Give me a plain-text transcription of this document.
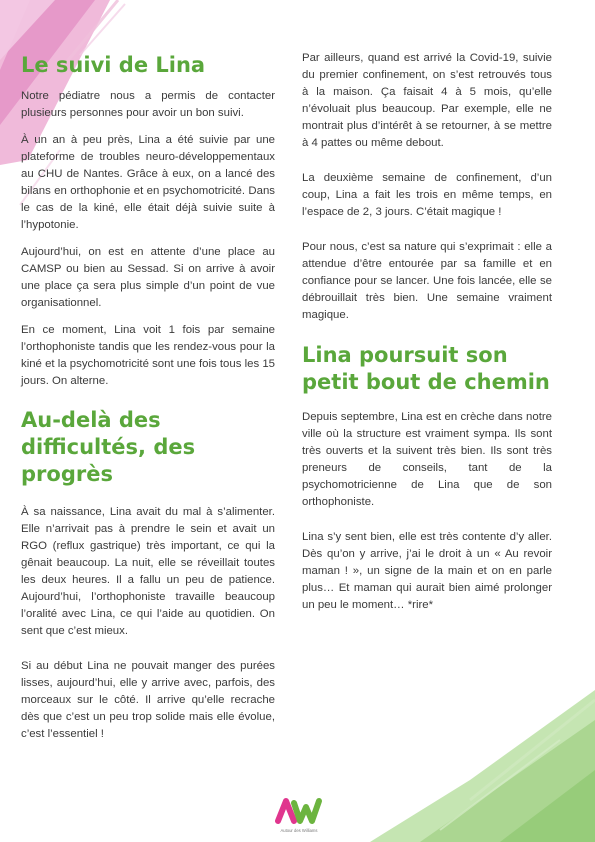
Le suivi de Lina

Notre pédiatre nous a permis de contacter plusieurs personnes pour avoir un bon suivi.

À un an à peu près, Lina a été suivie par une plateforme de troubles neuro-développementaux au CHU de Nantes. Grâce à eux, on a lancé des bilans en orthophonie et en psychomotricité. Dans le cas de la kiné, elle était déjà suivie suite à l’hypotonie.

Aujourd’hui, on est en attente d’une place au CAMSP ou bien au Sessad. Si on arrive à avoir une place ça sera plus simple d’un point de vue organisationnel.

En ce moment, Lina voit 1 fois par semaine l’orthophoniste tandis que les rendez-vous pour la kiné et la psychomotricité sont une fois tous les 15 jours. On alterne.

Au-delà des difficultés, des progrès

À sa naissance, Lina avait du mal à s’alimenter. Elle n’arrivait pas à prendre le sein et avait un RGO (reflux gastrique) très important, ce qui la gênait beaucoup. La nuit, elle se réveillait toutes les deux heures. Il a fallu un peu de patience. Aujourd’hui, l’orthophoniste travaille beaucoup l’oralité avec Lina, ce qui l’aide au quotidien. On sent que c’est mieux.

Si au début Lina ne pouvait manger des purées lisses, aujourd’hui, elle y arrive avec, parfois, des morceaux sur le côté. Il arrive qu’elle recrache dès que c’est un peu trop solide mais elle évolue, c’est l’essentiel !

Par ailleurs, quand est arrivé la Covid-19, suivie du premier confinement, on s’est retrouvés tous à la maison. Ça faisait 4 à 5 mois, qu’elle n’évoluait plus beaucoup. Par exemple, elle ne montrait plus d’intérêt à se retourner, à se mettre à 4 pattes ou même debout.

La deuxième semaine de confinement, d’un coup, Lina a fait les trois en même temps, en l’espace de 2, 3 jours. C’était magique !

Pour nous, c’est sa nature qui s’exprimait : elle a attendue d’être entourée par sa famille et en confiance pour se lancer. Une fois lancée, elle se débrouillait très bien. Une semaine vraiment magique.

Lina poursuit son petit bout de chemin

Depuis septembre, Lina est en crèche dans notre ville où la structure est vraiment sympa. Ils sont très ouverts et la suivent très bien. Ils sont très preneurs de conseils, tant de la psychomotricienne de Lina que de son orthophoniste.

Lina s’y sent bien, elle est très contente d’y aller. Dès qu’on y arrive, j’ai le droit à un « Au revoir maman ! », un signe de la main et on en parle plus… Et maman qui aurait bien aimé prolonger un peu le moment… *rire*

Autour des Williams
